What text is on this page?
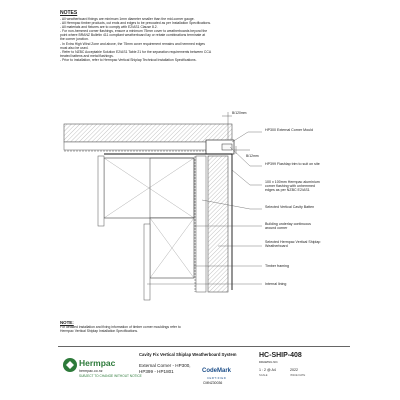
NOTES

- All weatherboard fixings are minimum 1mm diameter smaller than the mid-corner gauge.

- All Hermpac timber products, cut ends and edges to be precoated as per Installation Specifications.

- All materials and fixtures are to comply with E2/AS1 Clause 8.2.

- For non-hemmed corner flashings, ensure a minimum 75mm cover to weatherboards beyond the

point where BRANZ Bulletin 411 compliant weatherboard lay or rebate combinations terminate at

the corner junction.

- In Extra High Wind Zone and above, the 75mm cover requirement remains and hemmed edges

must also be used.

- Refer to NZBC Acceptable Solution E2/AS1 Table 21 for the separation requirements between CCA

treated battens and metal flashings.

- Prior to installation, refer to Hermpac Vertical Shiplap Technical Installation Specifications.

B/120mm
B/12mm
HP300 External Corner Mould
HP399 Flashlap trim to suit on site
100 x 100mm Hermpac aluminium corner flashing with unhemmed edges as per NZBC E2/AS1
Selected Vertical Cavity Batten
Building underlay continuous around corner
Selected Hermpac Vertical Shiplap Weatherboard
Timber framing
Internal lining
NOTE:

For detailed installation and fixing information of timber corner mouldings refer to

Hermpac Vertical Shiplap Installation Specifications.

Hermpac
hermpac.co.nz
SUBJECT TO CHANGE WITHOUT NOTICE
Cavity Fix Vertical Shiplap Weatherboard System
External Corner - HP300, HP399 - HP1801	CodeMark
CERTIFIED
CMNZ30036
HC-SHIP-408
DRAWING NO.
1 : 2 @ A4
SCALE
2022
ISSUE DATE
